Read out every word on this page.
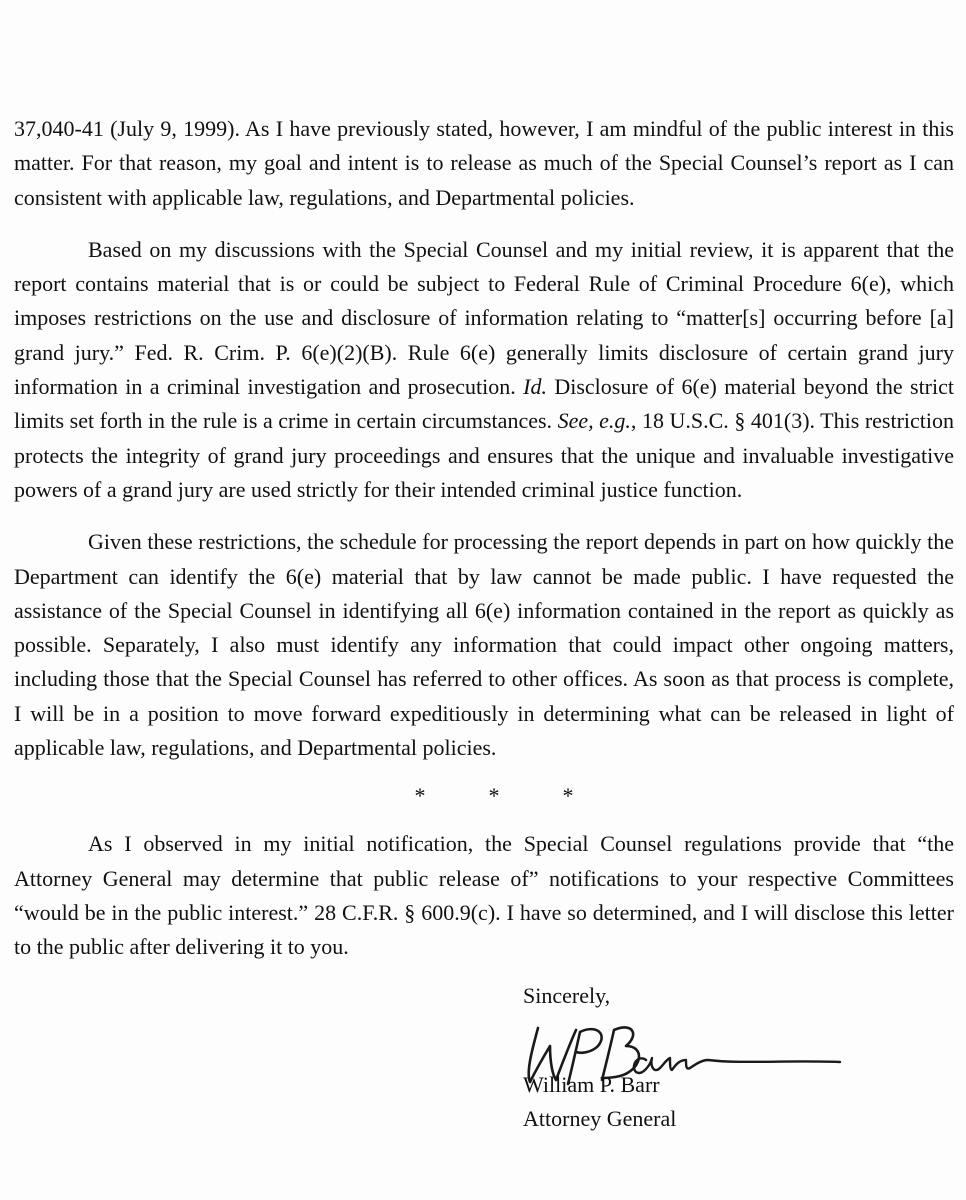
37,040-41 (July 9, 1999). As I have previously stated, however, I am mindful of the public interest in this matter. For that reason, my goal and intent is to release as much of the Special Counsel’s report as I can consistent with applicable law, regulations, and Departmental policies.

Based on my discussions with the Special Counsel and my initial review, it is apparent that the report contains material that is or could be subject to Federal Rule of Criminal Procedure 6(e), which imposes restrictions on the use and disclosure of information relating to “matter[s] occurring before [a] grand jury.” Fed. R. Crim. P. 6(e)(2)(B). Rule 6(e) generally limits disclosure of certain grand jury information in a criminal investigation and prosecution. Id. Disclosure of 6(e) material beyond the strict limits set forth in the rule is a crime in certain circumstances. See, e.g., 18 U.S.C. § 401(3). This restriction protects the integrity of grand jury proceedings and ensures that the unique and invaluable investigative powers of a grand jury are used strictly for their intended criminal justice function.

Given these restrictions, the schedule for processing the report depends in part on how quickly the Department can identify the 6(e) material that by law cannot be made public. I have requested the assistance of the Special Counsel in identifying all 6(e) information contained in the report as quickly as possible. Separately, I also must identify any information that could impact other ongoing matters, including those that the Special Counsel has referred to other offices. As soon as that process is complete, I will be in a position to move forward expeditiously in determining what can be released in light of applicable law, regulations, and Departmental policies.

*	*	*

As I observed in my initial notification, the Special Counsel regulations provide that “the Attorney General may determine that public release of” notifications to your respective Committees “would be in the public interest.” 28 C.F.R. § 600.9(c). I have so determined, and I will disclose this letter to the public after delivering it to you.

Sincerely,
William P. Barr
Attorney General
